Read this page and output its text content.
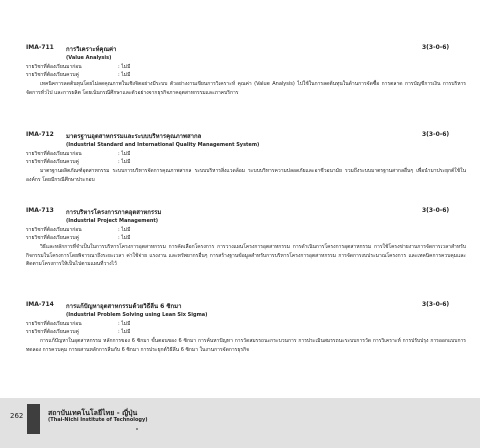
IMA-711 การวิเคราะห์คุณค่า	3(3-0-6)
(Value Analysis)
รายวิชาที่ต้องเรียนมาก่อน	: ไม่มี
รายวิชาที่ต้องเรียนควบคู่	: ไม่มี
เทคนิคการลดต้นทุนโดยไม่ลดคุณภาพในเชิงจิตอย่างมีระบบ ตัวอย่างงานเขียนการวิเคราะห์ คุณค่า (Value Analysis) ไปใช้ในการลดต้นทุนในด้านการจัดซื้อ การตลาด การบัญชีการเงิน การบริหารจัดการทั่วไป และการผลิต โดยเน้นกรณีศึกษาและตัวอย่างจากธุรกิจภาคอุตสาหกรรมและภาคบริการ
IMA-712 มาตรฐานอุตสาหกรรมและระบบบริหารคุณภาพสากล	3(3-0-6)
(Industrial Standard and International Quality Management System)
รายวิชาที่ต้องเรียนมาก่อน	: ไม่มี
รายวิชาที่ต้องเรียนควบคู่	: ไม่มี
มาตรฐานผลิตภัณฑ์อุตสาหกรรม ระบบการบริหารจัดการคุณภาพสากล ระบบบริหารสิ่งแวดล้อม ระบบบริหารความปลอดภัยและอาชีวอนามัย รวมถึงระบบมาตรฐานสากลอื่นๆ เพื่อนำมาประยุกต์ใช้ในองค์กร โดยมีกรณีศึกษาประกอบ
IMA-713 การบริหารโครงการภาคอุตสาหกรรม	3(3-0-6)
(Industrial Project Management)
รายวิชาที่ต้องเรียนมาก่อน	: ไม่มี
รายวิชาที่ต้องเรียนควบคู่	: ไม่มี
วิธีและหลักการที่จำเป็นในการบริหารโครงการอุตสาหกรรม การคัดเลือกโครงการ การวางแผนโครงการอุตสาหกรรม การดำเนินการโครงการอุตสาหกรรม การใช้โครงข่ายงานการจัดการเวลาสำหรับกิจกรรมในโครงการโดยพิจารณาถึงระยะเวลา ค่าใช้จ่าย แรงงาน และทรัพยากรอื่นๆ การสร้างฐานข้อมูลสำหรับการบริหารโครงการอุตสาหกรรม การจัดการงบประมาณโครงการ และเทคนิคการควบคุมและติดตามโครงการให้เป็นไปตามแผนที่วางไว้
IMA-714 การแก้ปัญหาอุตสาหกรรมด้วยวิธีลีน 6 ซิกมา	3(3-0-6)
(Industrial Problem Solving using Lean Six Sigma)
รายวิชาที่ต้องเรียนมาก่อน	: ไม่มี
รายวิชาที่ต้องเรียนควบคู่	: ไม่มี
การแก้ปัญหาในอุตสาหกรรม หลักการของ 6 ซิกมา ขั้นตอนของ 6 ซิกมา การค้นหาปัญหา การวัดสมรรถนะกระบวนการ การประเมินสมรรถนะระบบการวัด การวิเคราะห์ การปรับปรุง การออกแบบการทดลอง การควบคุม การผสานหลักการลีนกับ 6 ซิกมา การประยุกต์วิธีลีน 6 ซิกมา ในงานการจัดการธุรกิจ
262	สถาบันเทคโนโลยีไทย - ญี่ปุ่น
(Thai-Nichi Institute of Technology)
